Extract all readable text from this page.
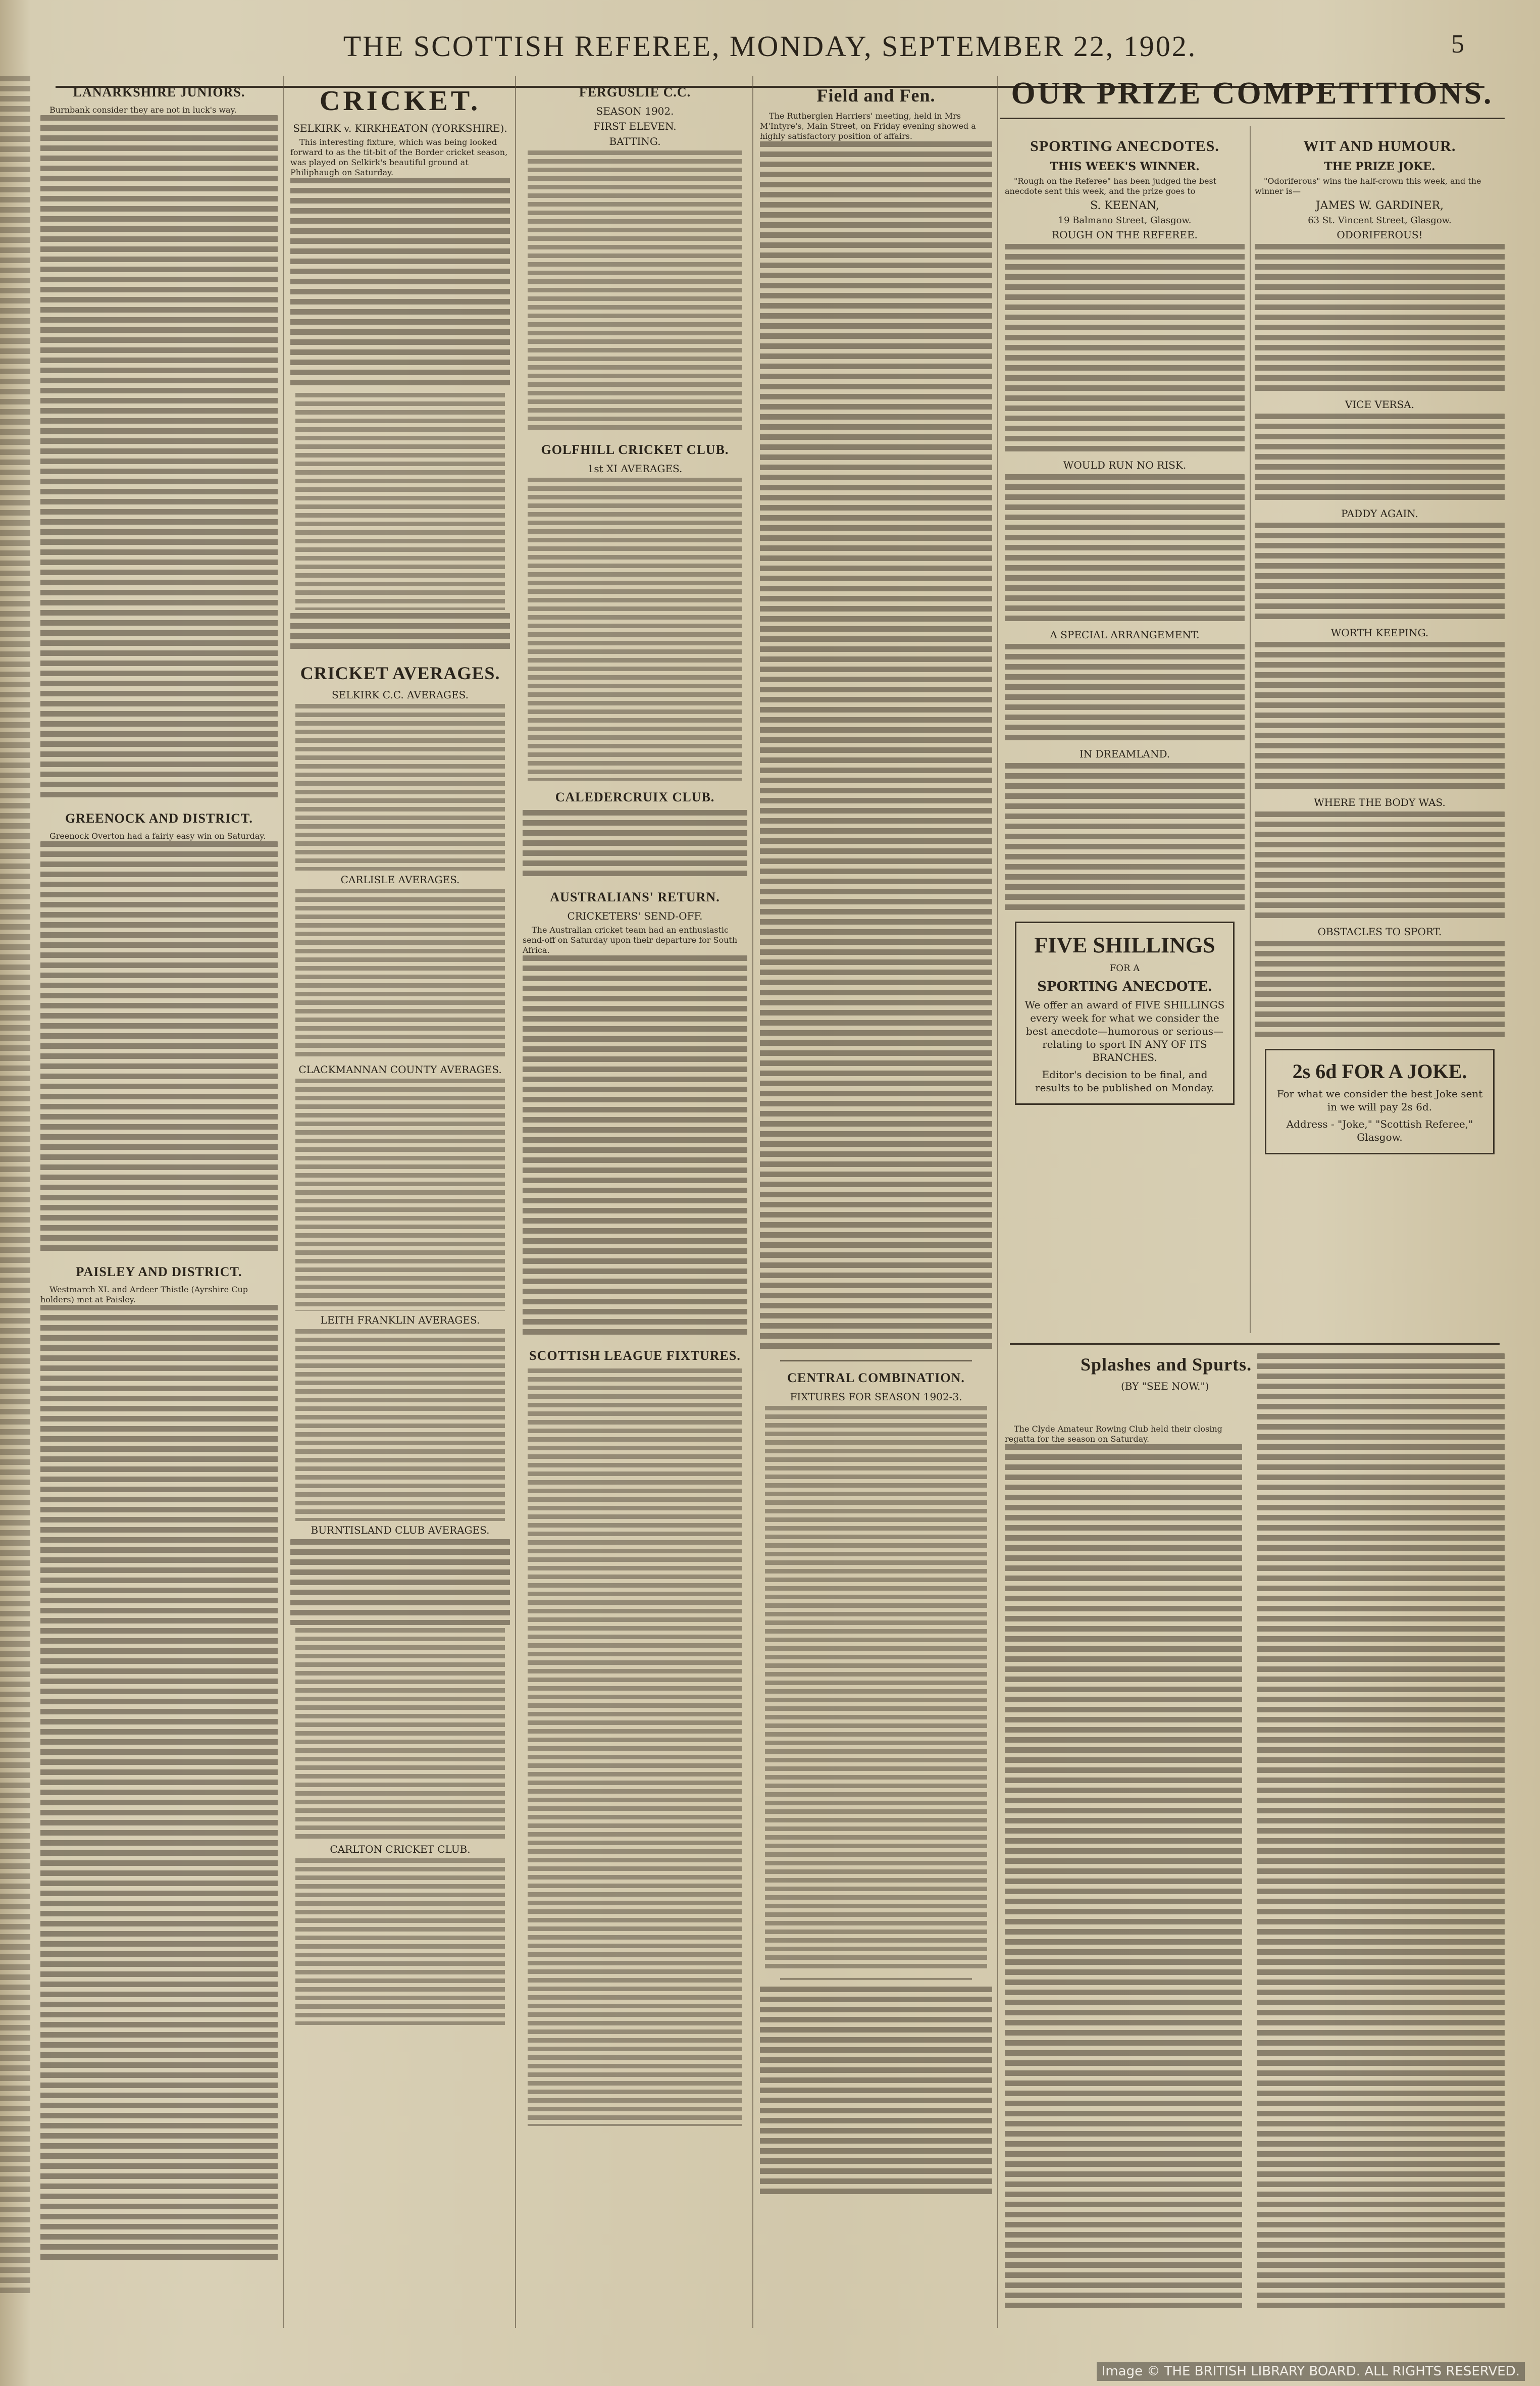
THE SCOTTISH REFEREE, MONDAY, SEPTEMBER 22, 1902.	5
LANARKSHIRE JUNIORS.

Burnbank consider they are not in luck's way.

GREENOCK AND DISTRICT.

Greenock Overton had a fairly easy win on Saturday.

PAISLEY AND DISTRICT.

Westmarch XI. and Ardeer Thistle (Ayrshire Cup holders) met at Paisley.

CRICKET.
SELKIRK v. KIRKHEATON (YORKSHIRE).

This interesting fixture, which was being looked forward to as the tit-bit of the Border cricket season, was played on Selkirk's beautiful ground at Philiphaugh on Saturday.

CRICKET AVERAGES.
SELKIRK C.C. AVERAGES.
CARLISLE AVERAGES.
CLACKMANNAN COUNTY AVERAGES.
LEITH FRANKLIN AVERAGES.
BURNTISLAND CLUB AVERAGES.
CARLTON CRICKET CLUB.
FERGUSLIE C.C.
SEASON 1902.
FIRST ELEVEN.
BATTING.
GOLFHILL CRICKET CLUB.
1st XI AVERAGES.
CALEDERCRUIX CLUB.
AUSTRALIANS' RETURN.
CRICKETERS' SEND-OFF.

The Australian cricket team had an enthusiastic send-off on Saturday upon their departure for South Africa.

SCOTTISH LEAGUE FIXTURES.
Field and Fen.

The Rutherglen Harriers' meeting, held in Mrs M'Intyre's, Main Street, on Friday evening showed a highly satisfactory position of affairs.

CENTRAL COMBINATION.
FIXTURES FOR SEASON 1902-3.
OUR PRIZE COMPETITIONS.
SPORTING ANECDOTES.
THIS WEEK'S WINNER.

"Rough on the Referee" has been judged the best anecdote sent this week, and the prize goes to

S. KEENAN,
19 Balmano Street, Glasgow.
ROUGH ON THE REFEREE.
WOULD RUN NO RISK.
A SPECIAL ARRANGEMENT.
IN DREAMLAND.
FIVE SHILLINGS
FOR A
SPORTING ANECDOTE.
We offer an award of FIVE SHILLINGS every week for what we consider the best anecdote—humorous or serious—relating to sport IN ANY OF ITS BRANCHES.
Editor's decision to be final, and results to be published on Monday.
WIT AND HUMOUR.
THE PRIZE JOKE.

"Odoriferous" wins the half-crown this week, and the winner is—

JAMES W. GARDINER,
63 St. Vincent Street, Glasgow.
ODORIFEROUS!
VICE VERSA.
PADDY AGAIN.
WORTH KEEPING.
WHERE THE BODY WAS.
OBSTACLES TO SPORT.
2s 6d FOR A JOKE.
For what we consider the best Joke sent in we will pay 2s 6d.
Address - "Joke," "Scottish Referee," Glasgow.
Splashes and Spurts.
(BY "SEE NOW.")

The Clyde Amateur Rowing Club held their closing regatta for the season on Saturday.

Image © THE BRITISH LIBRARY BOARD. ALL RIGHTS RESERVED.
